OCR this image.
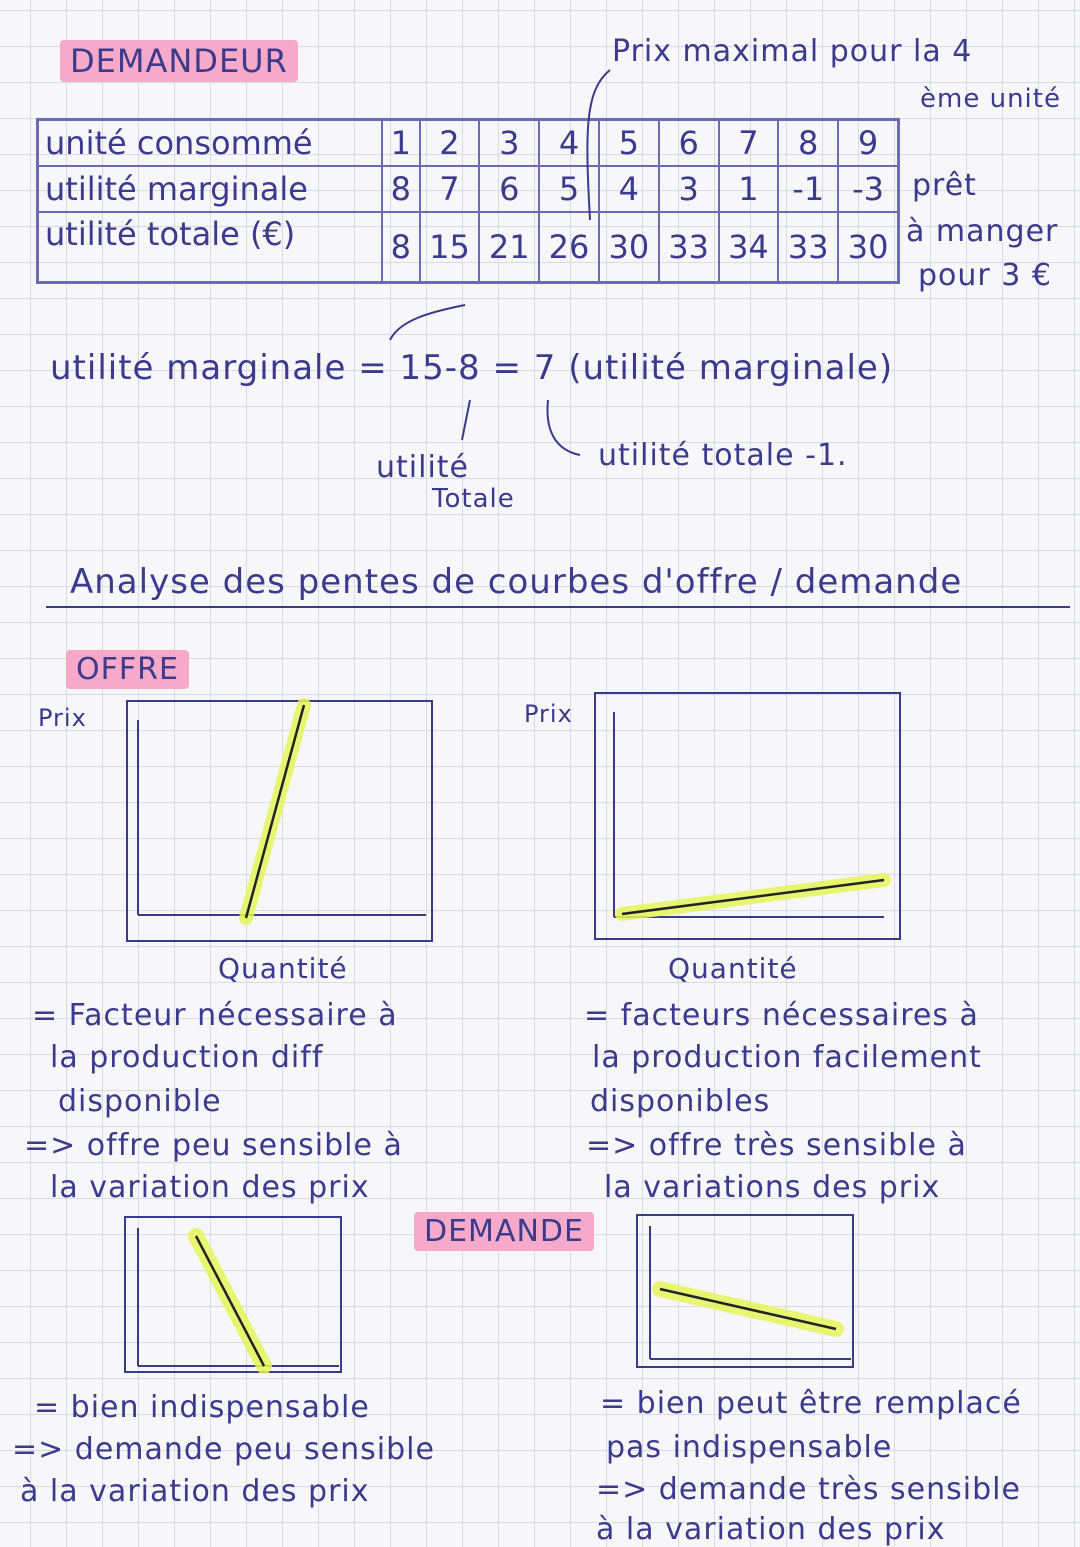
DEMANDEUR	Prix maximal pour la 4
ème unité
unité consommé	1	2	3	4	5	6	7	8	9
utilité marginale	8	7	6	5	4	3	1	-1	-3
utilité totale (€)	8	15	21	26	30	33	34	33	30
prêt
à manger
pour 3 €
utilité marginale = 15-8 = 7 (utilité marginale)
utilité
Totale
utilité totale -1.
Analyse des pentes de courbes d'offre / demande
OFFRE
Prix
Quantité
Prix
Quantité
= Facteur nécessaire à
la production diff
disponible
=> offre peu sensible à
la variation des prix
= facteurs nécessaires à
la production facilement
disponibles
=> offre très sensible à
la variations des prix
DEMANDE
= bien indispensable
=> demande peu sensible
à la variation des prix
= bien peut être remplacé
pas indispensable
=> demande très sensible
à la variation des prix
